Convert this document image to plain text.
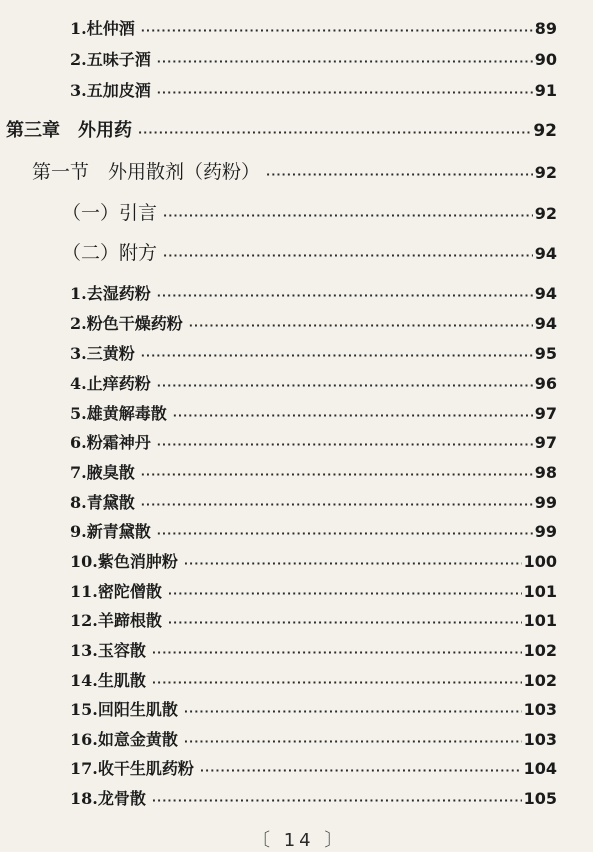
1.杜仲酒 ·····	89
2.五味子酒 ·····	90
3.五加皮酒 ·····	91
第三章　外用药 ·····	92
第一节　外用散剂（药粉） ·····	92
（一）引言 ·····	92
（二）附方 ·····	94
1.去湿药粉 ·····	94
2.粉色干燥药粉 ·····	94
3.三黄粉 ·····	95
4.止痒药粉 ·····	96
5.雄黄解毒散 ·····	97
6.粉霜神丹 ·····	97
7.腋臭散 ·····	98
8.青黛散 ·····	99
9.新青黛散 ·····	99
10.紫色消肿粉 ·····	100
11.密陀僧散 ·····	101
12.羊蹄根散 ·····	101
13.玉容散 ·····	102
14.生肌散 ·····	102
15.回阳生肌散 ·····	103
16.如意金黄散 ·····	103
17.收干生肌药粉 ·····	104
18.龙骨散 ·····	105
〔 14 〕
